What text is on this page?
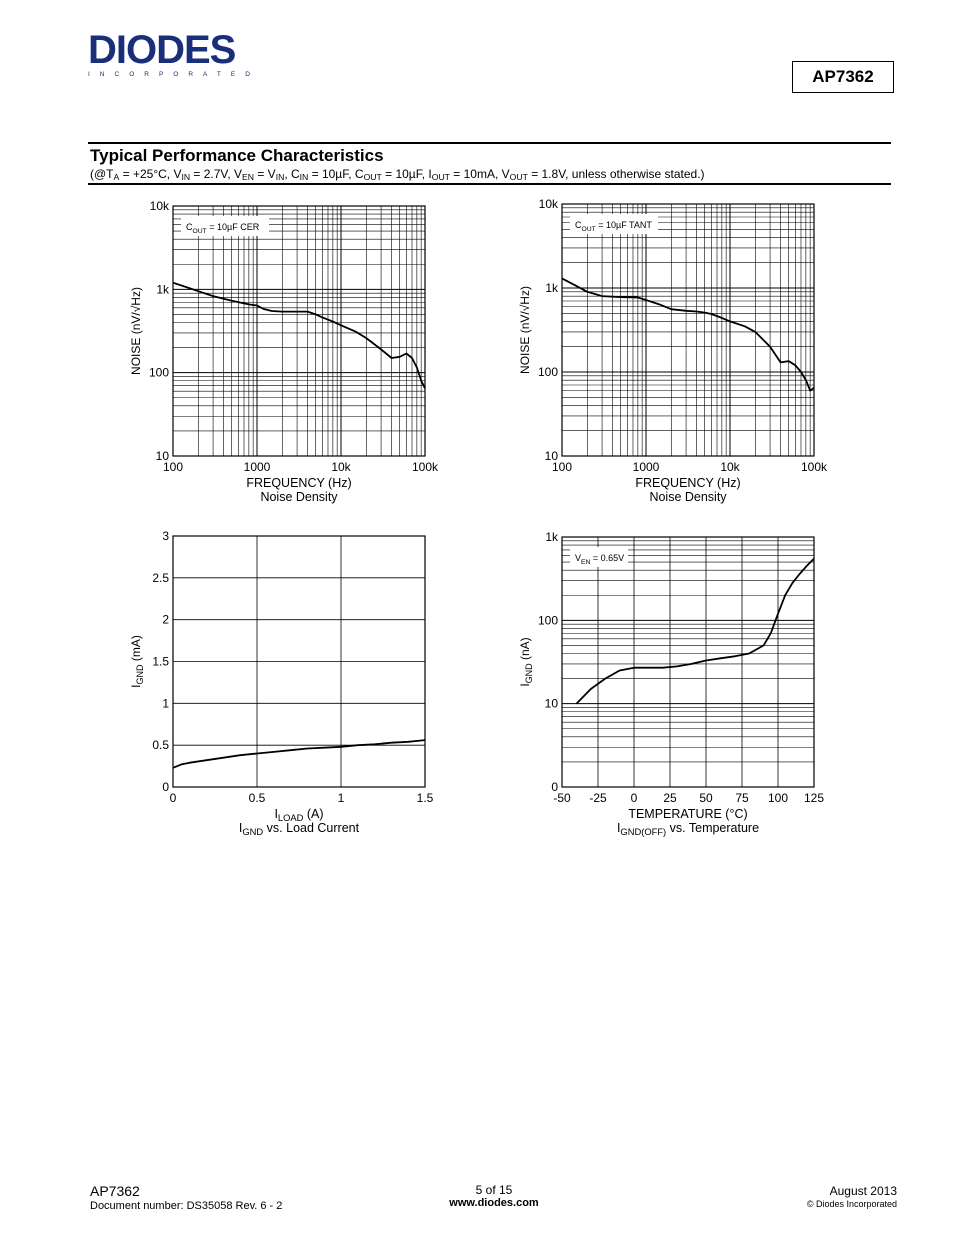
DIODES
INCORPORATED	AP7362
Typical Performance Characteristics
($@T_A = +25^\circ C$, $V_{IN} = 2.7V$, $V_{EN} = V_{IN}$, $C_{IN} = 10\mu F$, $C_{OUT} = 10\mu F$, $I_{OUT} = 10mA$, $V_{OUT} = 1.8V$, unless otherwise stated.)
$C_{OUT} = 10\mu F$ CER
100	1000	10k	100k
10
100
1k
10k
FREQUENCY (Hz)
Noise Density
NOISE (nV/√Hz)
$C_{OUT} = 10\mu F$ TANT
100	1000	10k	100k
10
100
1k
10k
FREQUENCY (Hz)
Noise Density
NOISE (nV/√Hz)
0	0.5	1	1.5
0
0.5
1
1.5
2
2.5
3
$I_{LOAD}$ (A)
$I_{GND}$ vs. Load Current
$I_{GND}$ (mA)
$V_{EN} = 0.65V$
-50 -25 0 25 50 75 100 125
0
10
100
1k
TEMPERATURE (°C)
$I_{GND(OFF)}$ vs. Temperature
$I_{GND}$ (nA)
AP7362
Document number: DS35058 Rev. 6 - 2
5 of 15
www.diodes.com
August 2013
© Diodes Incorporated
